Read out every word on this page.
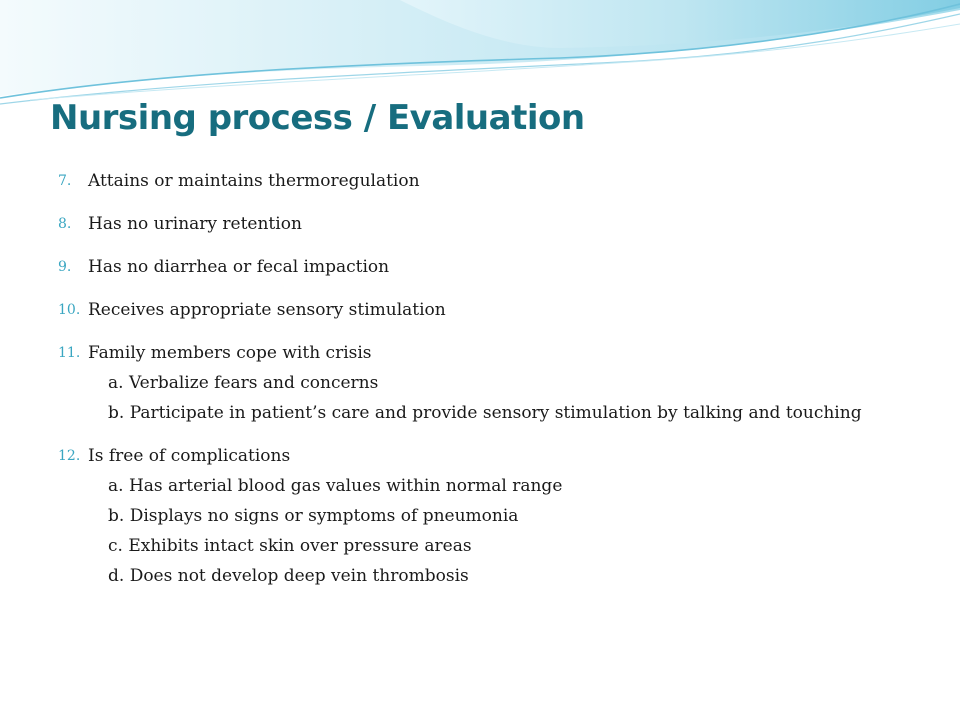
Nursing process / Evaluation
7. Attains or maintains thermoregulation
8. Has no urinary retention
9. Has no diarrhea or fecal impaction
10. Receives appropriate sensory stimulation
11. Family members cope with crisis
a. Verbalize fears and concerns
b. Participate in patient’s care and provide sensory stimulation by talking and touching
12. Is free of complications
a. Has arterial blood gas values within normal range
b. Displays no signs or symptoms of pneumonia
c. Exhibits intact skin over pressure areas
d. Does not develop deep vein thrombosis
